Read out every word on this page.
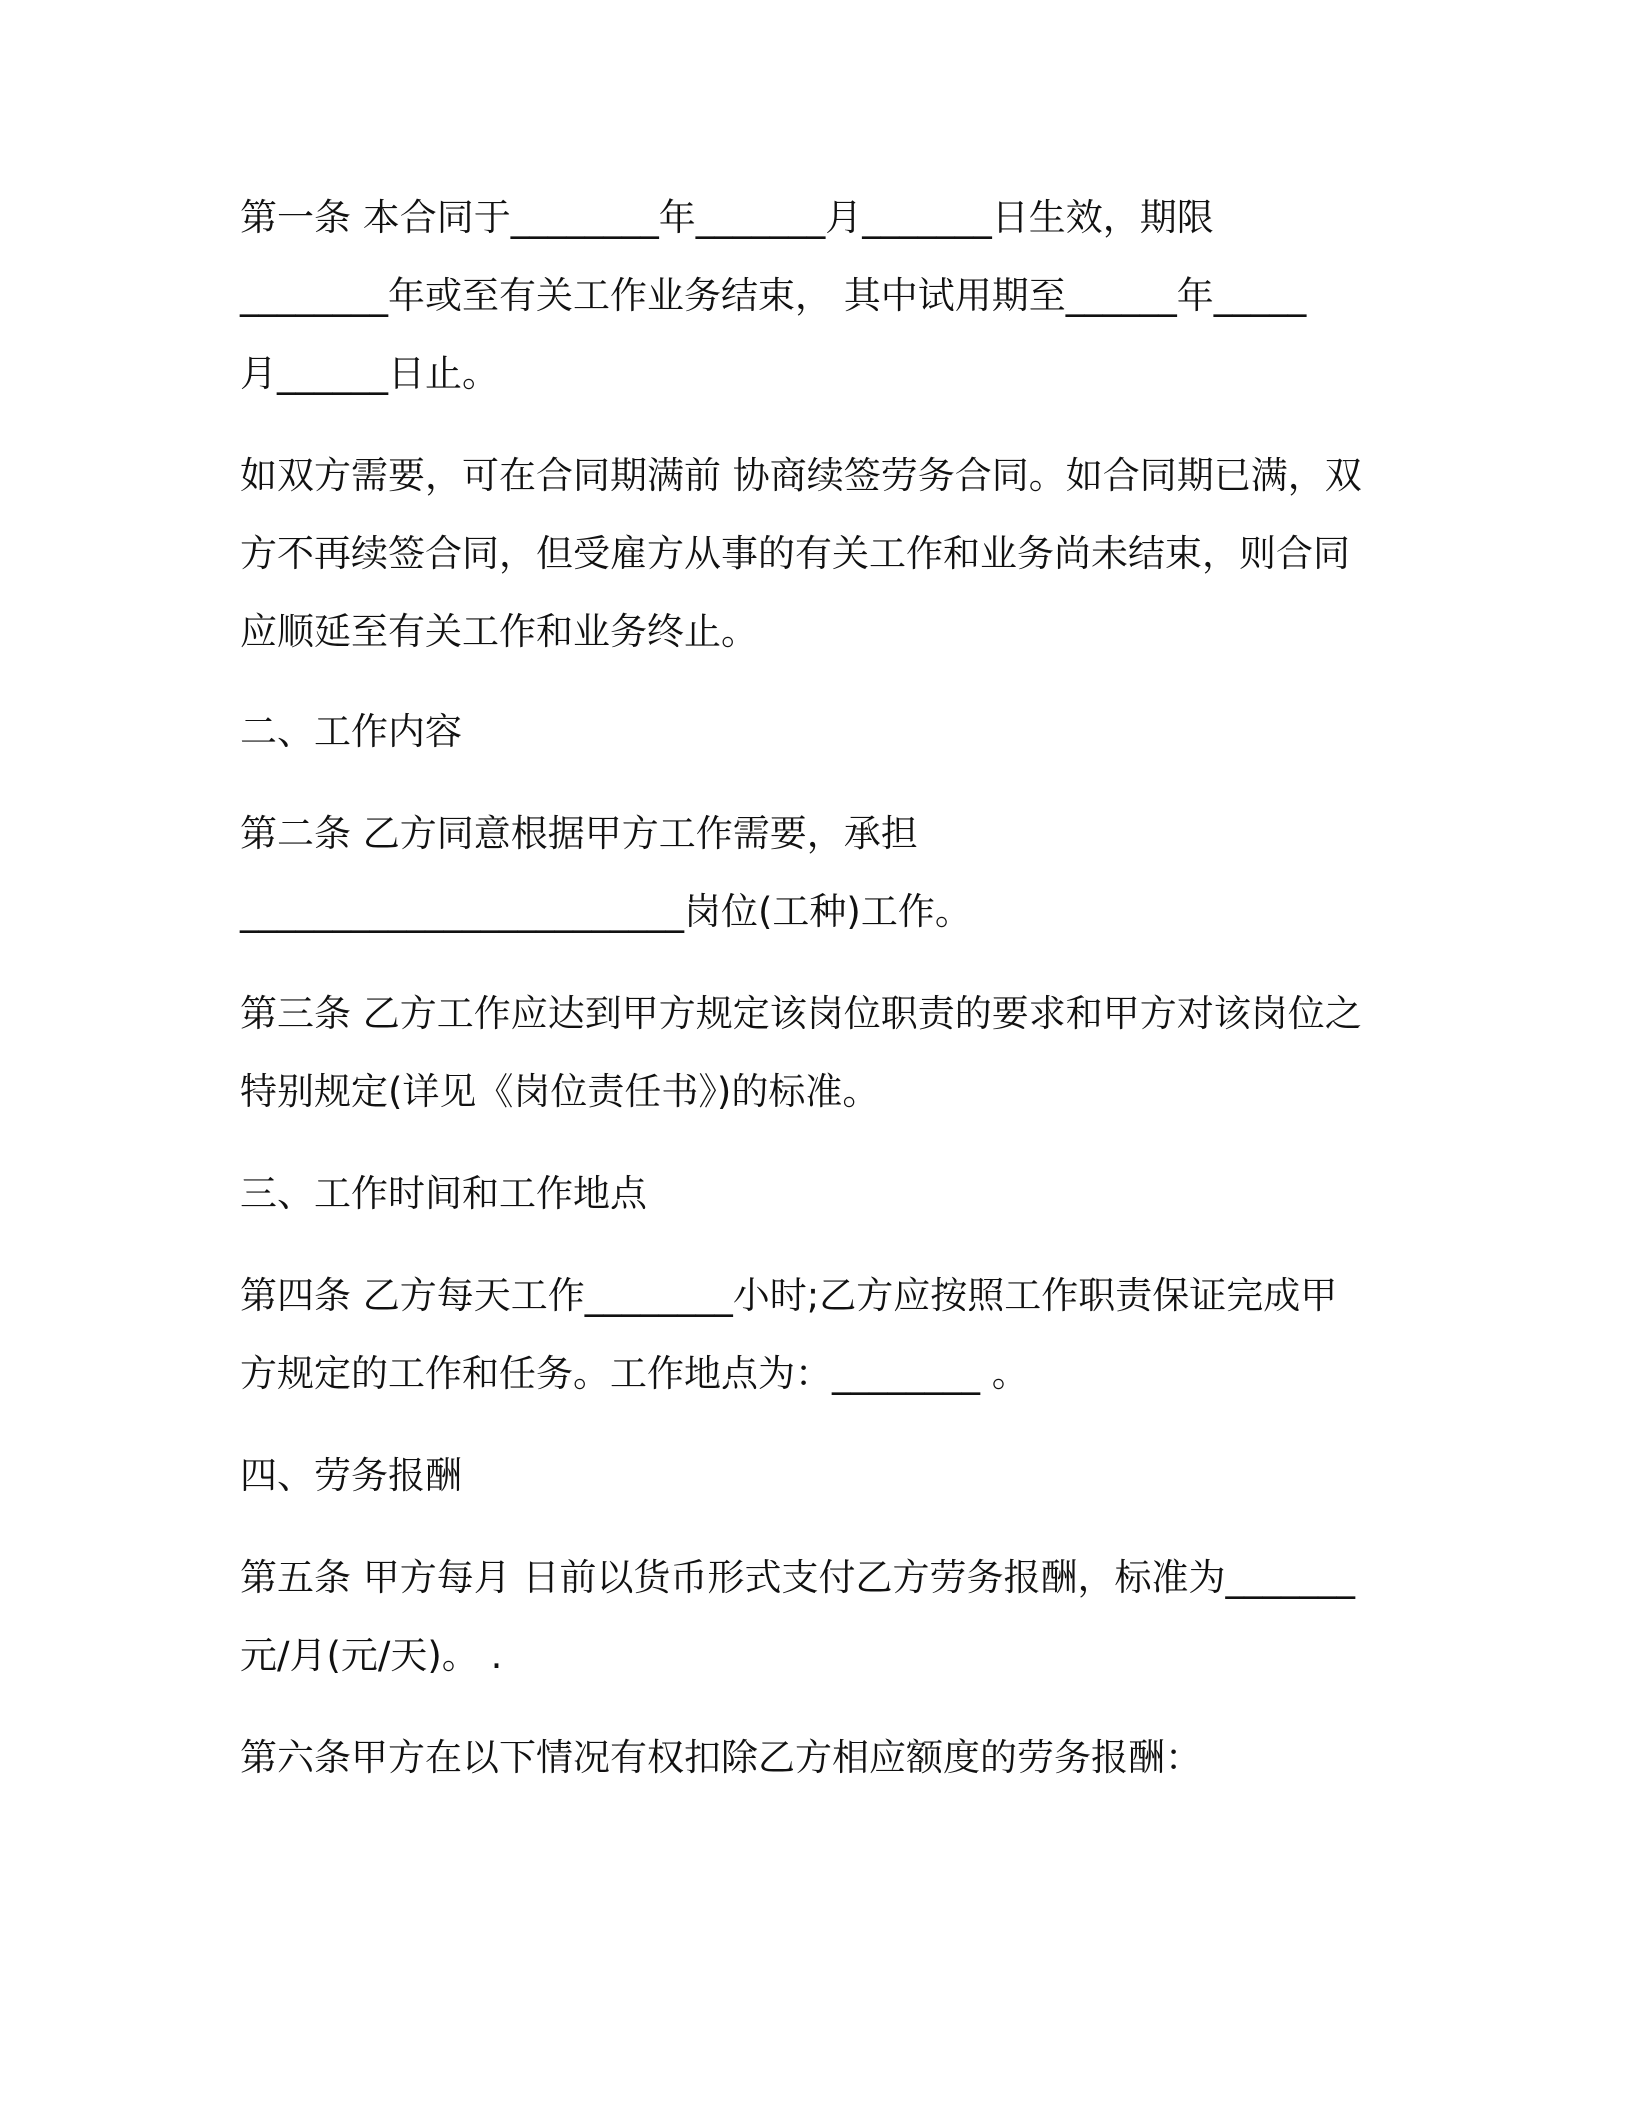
第一条 本合同于________年_______月_______日生效，期限
________年或至有关工作业务结束， 其中试用期至______年_____
月______日止。
如双方需要，可在合同期满前 协商续签劳务合同。如合同期已满，双
方不再续签合同，但受雇方从事的有关工作和业务尚未结束，则合同
应顺延至有关工作和业务终止。
二、工作内容
第二条 乙方同意根据甲方工作需要，承担
________________________岗位(工种)工作。
第三条 乙方工作应达到甲方规定该岗位职责的要求和甲方对该岗位之
特别规定(详见《岗位责任书》)的标准。
三、工作时间和工作地点
第四条 乙方每天工作________小时;乙方应按照工作职责保证完成甲
方规定的工作和任务。工作地点为：________ 。
四、劳务报酬
第五条 甲方每月 日前以货币形式支付乙方劳务报酬，标准为_______
元/月(元/天)。 .
第六条甲方在以下情况有权扣除乙方相应额度的劳务报酬：
